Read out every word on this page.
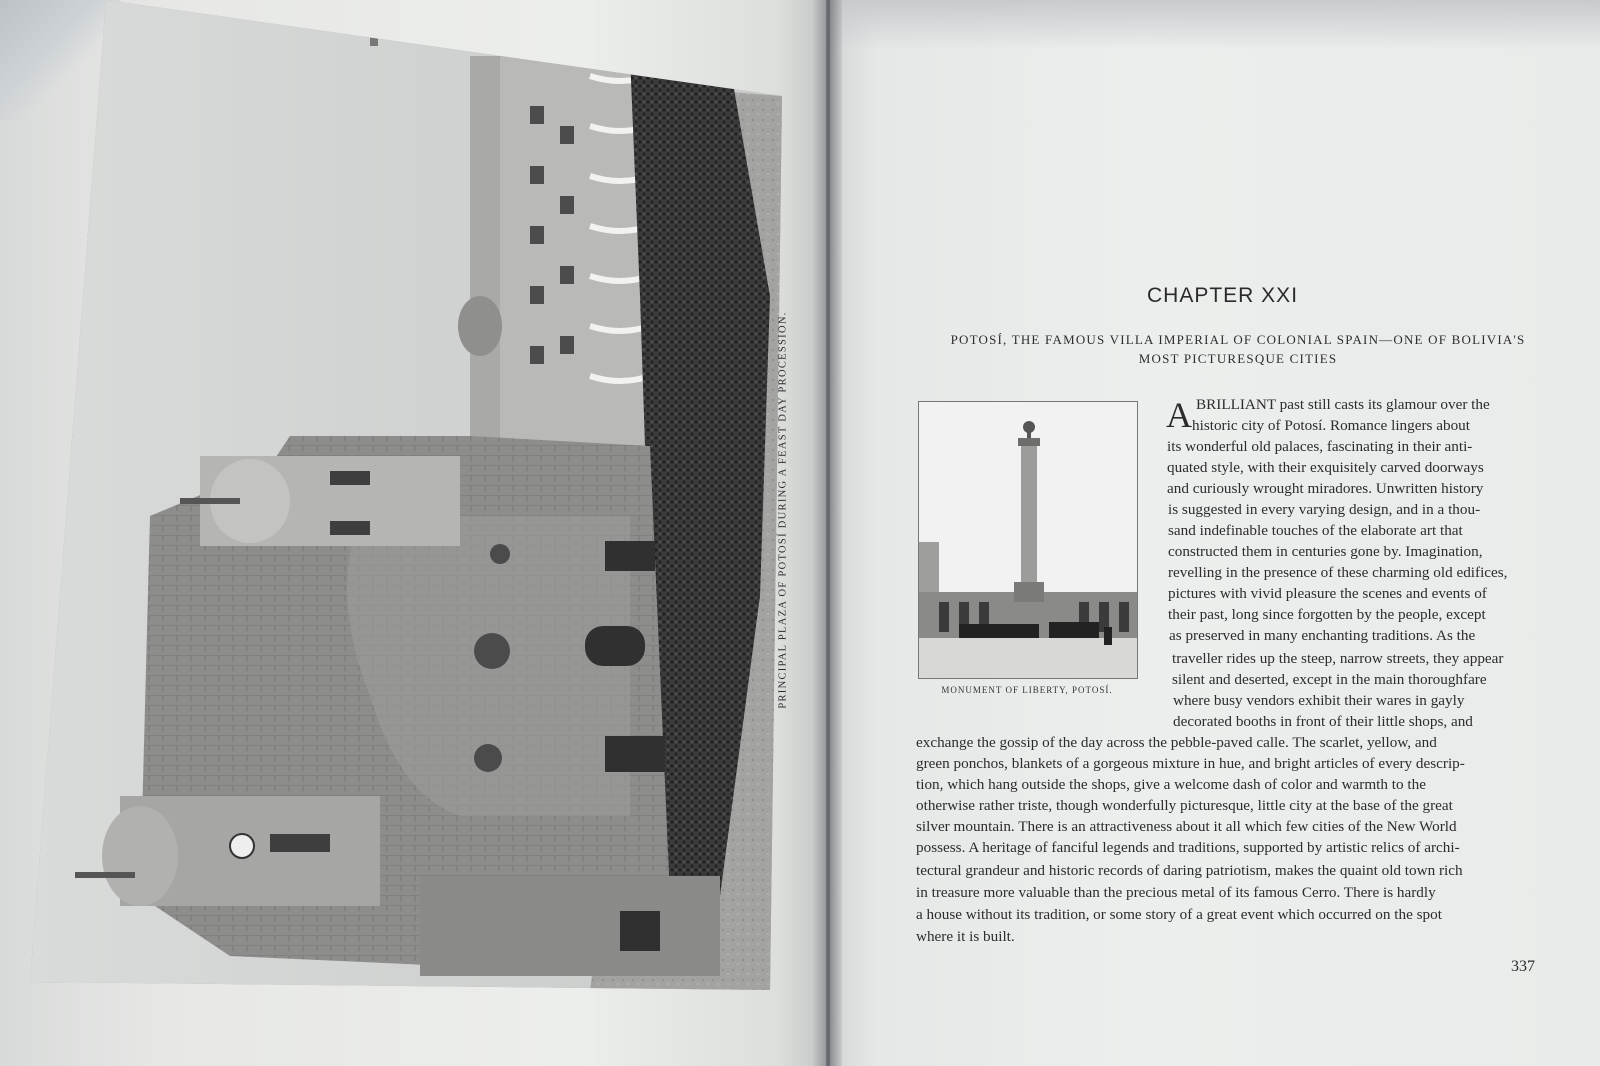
PRINCIPAL PLAZA OF POTOSÍ DURING A FEAST DAY PROCESSION.
CHAPTER XXI
POTOSÍ, THE FAMOUS VILLA IMPERIAL OF COLONIAL SPAIN—ONE OF BOLIVIA'S
MOST PICTURESQUE CITIES
MONUMENT OF LIBERTY, POTOSÍ.
A BRILLIANT past still casts its glamour over the
historic city of Potosí. Romance lingers about
its wonderful old palaces, fascinating in their anti-
quated style, with their exquisitely carved doorways
and curiously wrought miradores. Unwritten history
is suggested in every varying design, and in a thou-
sand indefinable touches of the elaborate art that
constructed them in centuries gone by. Imagination,
revelling in the presence of these charming old edifices,
pictures with vivid pleasure the scenes and events of
their past, long since forgotten by the people, except
as preserved in many enchanting traditions. As the
traveller rides up the steep, narrow streets, they appear
silent and deserted, except in the main thoroughfare
where busy vendors exhibit their wares in gayly
decorated booths in front of their little shops, and
exchange the gossip of the day across the pebble-paved calle. The scarlet, yellow, and
green ponchos, blankets of a gorgeous mixture in hue, and bright articles of every descrip-
tion, which hang outside the shops, give a welcome dash of color and warmth to the
otherwise rather triste, though wonderfully picturesque, little city at the base of the great
silver mountain. There is an attractiveness about it all which few cities of the New World
possess. A heritage of fanciful legends and traditions, supported by artistic relics of archi-
tectural grandeur and historic records of daring patriotism, makes the quaint old town rich
in treasure more valuable than the precious metal of its famous Cerro. There is hardly
a house without its tradition, or some story of a great event which occurred on the spot
where it is built.
337
